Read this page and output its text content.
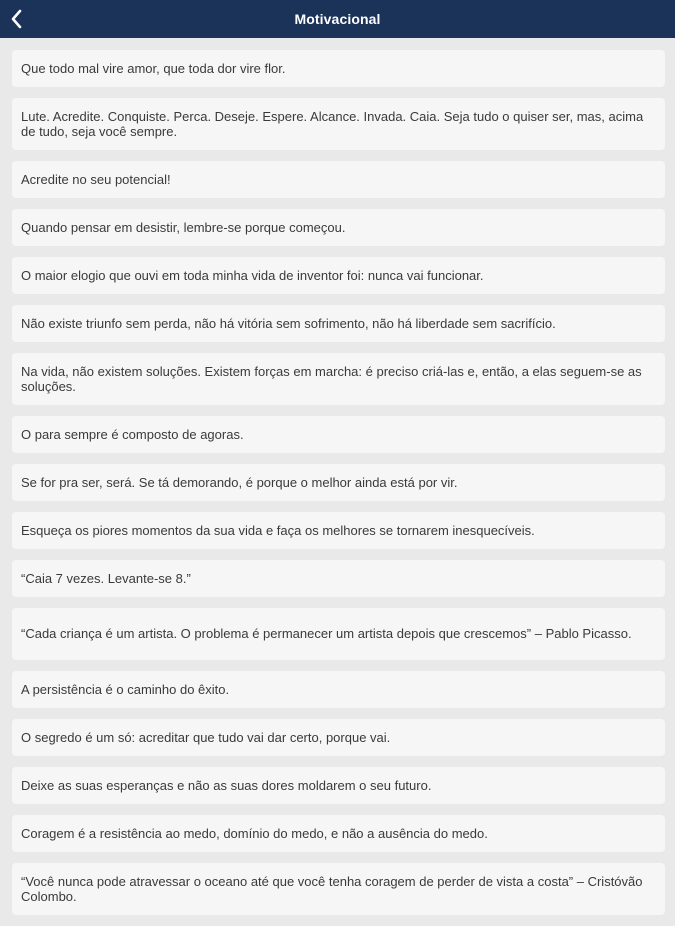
Motivacional
Que todo mal vire amor, que toda dor vire flor.
Lute. Acredite. Conquiste. Perca. Deseje. Espere. Alcance. Invada. Caia. Seja tudo o quiser ser, mas, acima de tudo, seja você sempre.
Acredite no seu potencial!
Quando pensar em desistir, lembre-se porque começou.
O maior elogio que ouvi em toda minha vida de inventor foi: nunca vai funcionar.
Não existe triunfo sem perda, não há vitória sem sofrimento, não há liberdade sem sacrifício.
Na vida, não existem soluções. Existem forças em marcha: é preciso criá-las e, então, a elas seguem-se as soluções.
O para sempre é composto de agoras.
Se for pra ser, será. Se tá demorando, é porque o melhor ainda está por vir.
Esqueça os piores momentos da sua vida e faça os melhores se tornarem inesquecíveis.
“Caia 7 vezes. Levante-se 8.”
“Cada criança é um artista. O problema é permanecer um artista depois que crescemos” – Pablo Picasso.
A persistência é o caminho do êxito.
O segredo é um só: acreditar que tudo vai dar certo, porque vai.
Deixe as suas esperanças e não as suas dores moldarem o seu futuro.
Coragem é a resistência ao medo, domínio do medo, e não a ausência do medo.
“Você nunca pode atravessar o oceano até que você tenha coragem de perder de vista a costa” – Cristóvão Colombo.
